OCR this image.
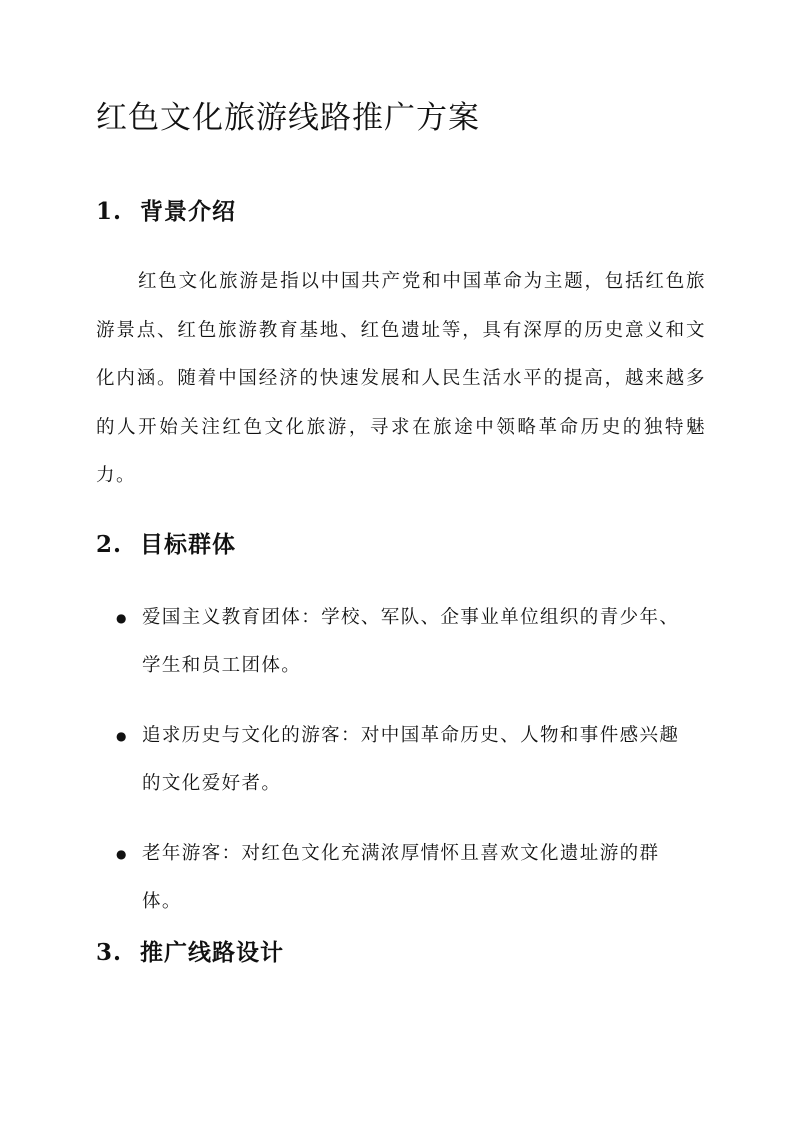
红色文化旅游线路推广方案
1. 背景介绍

红色文化旅游是指以中国共产党和中国革命为主题，包括红色旅游景点、红色旅游教育基地、红色遗址等，具有深厚的历史意义和文化内涵。随着中国经济的快速发展和人民生活水平的提高，越来越多的人开始关注红色文化旅游，寻求在旅途中领略革命历史的独特魅力。

2. 目标群体
● 爱国主义教育团体：学校、军队、企事业单位组织的青少年、学生和员工团体。
● 追求历史与文化的游客：对中国革命历史、人物和事件感兴趣的文化爱好者。
● 老年游客：对红色文化充满浓厚情怀且喜欢文化遗址游的群体。
3. 推广线路设计
